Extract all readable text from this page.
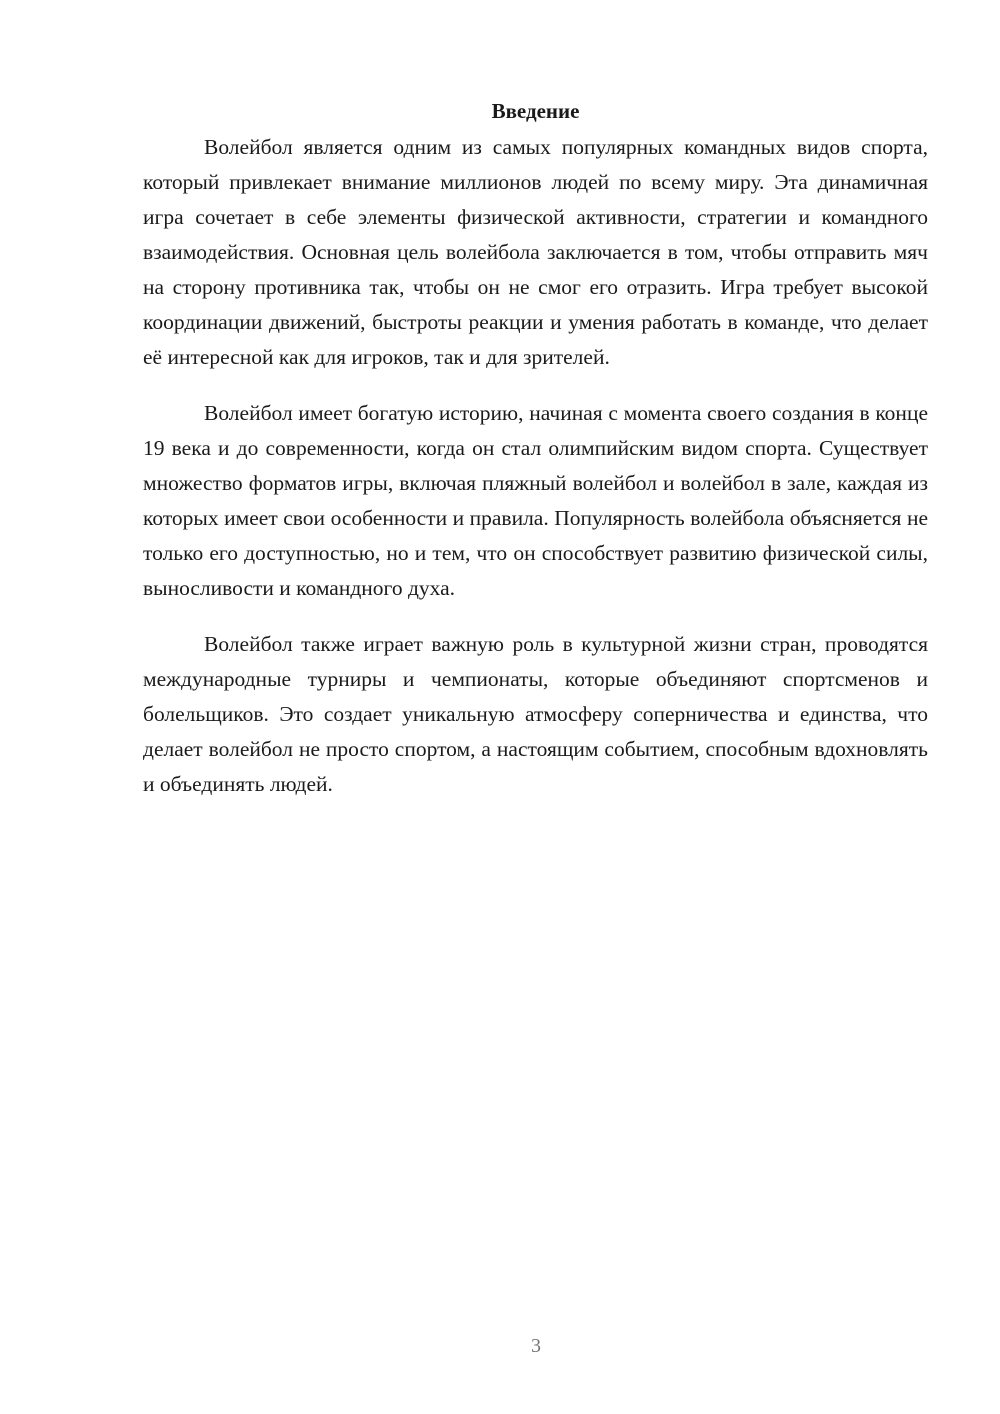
Введение

Волейбол является одним из самых популярных командных видов спорта, который привлекает внимание миллионов людей по всему миру. Эта динамичная игра сочетает в себе элементы физической активности, стратегии и командного взаимодействия. Основная цель волейбола заключается в том, чтобы отправить мяч на сторону противника так, чтобы он не смог его отразить. Игра требует высокой координации движений, быстроты реакции и умения работать в команде, что делает её интересной как для игроков, так и для зрителей.

Волейбол имеет богатую историю, начиная с момента своего создания в конце 19 века и до современности, когда он стал олимпийским видом спорта. Существует множество форматов игры, включая пляжный волейбол и волейбол в зале, каждая из которых имеет свои особенности и правила. Популярность волейбола объясняется не только его доступностью, но и тем, что он способствует развитию физической силы, выносливости и командного духа.

Волейбол также играет важную роль в культурной жизни стран, проводятся международные турниры и чемпионаты, которые объединяют спортсменов и болельщиков. Это создает уникальную атмосферу соперничества и единства, что делает волейбол не просто спортом, а настоящим событием, способным вдохновлять и объединять людей.

3
